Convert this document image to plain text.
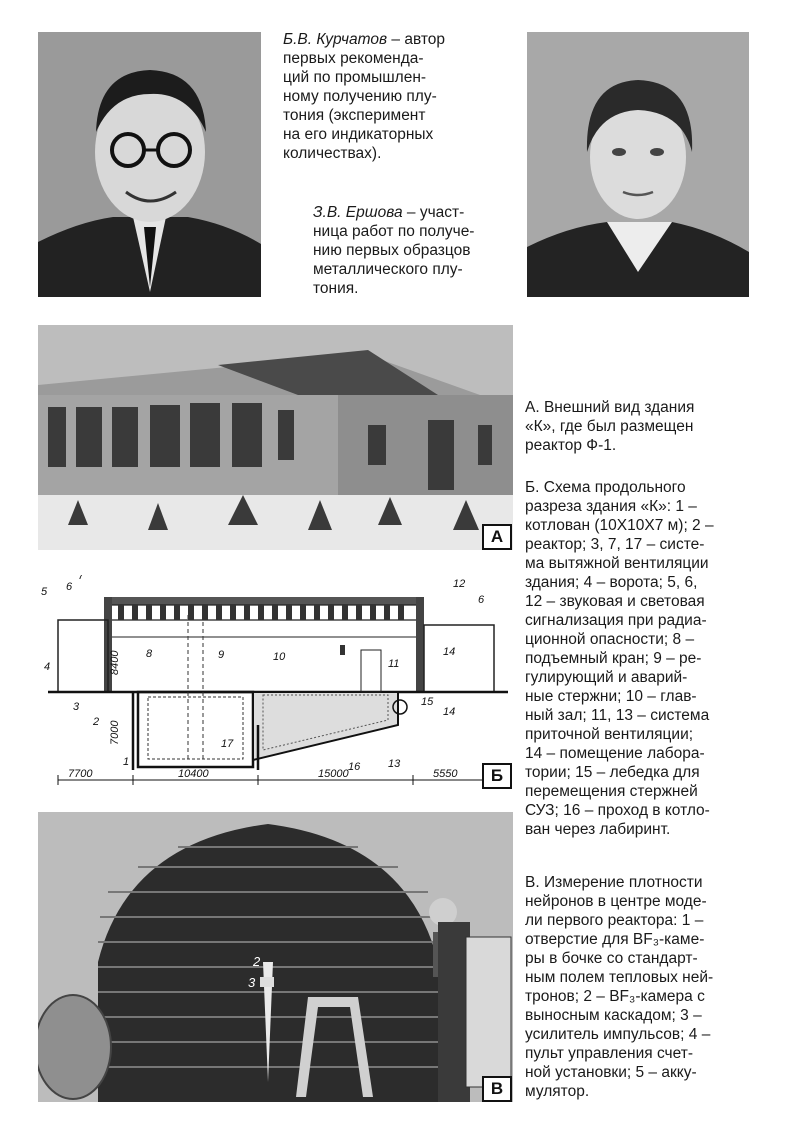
Б.В. Курчатов – автор

первых рекоменда-

ций по промышлен-

ному получению плу-

тония (эксперимент

на его индикаторных

количествах).

З.В. Ершова – участ-

ница работ по получе-

нию первых образцов

металлического плу-

тония.

А

А. Внешний вид здания

«К», где был размещен

реактор Ф-1.

7700	10400	15000	5550
7000
8400
1
2
3
4
5 6
7
8	9	10
11
12
13
14
14
15
16
17
6
Б

Б. Схема продольного

разреза здания «К»: 1 –

котлован (10Х10Х7 м); 2 –

реактор; 3, 7, 17 – систе-

ма вытяжной вентиляции

здания; 4 – ворота; 5, 6,

12 – звуковая и световая

сигнализация при радиа-

ционной опасности; 8 –

подъемный кран; 9 – ре-

гулирующий и аварий-

ные стержни; 10 – глав-

ный зал; 11, 13 – система

приточной вентиляции;

14 – помещение лабора-

тории; 15 – лебедка для

перемещения стержней

СУЗ; 16 – проход в котло-

ван через лабиринт.

2
3
В

В. Измерение плотности

нейронов в центре моде-

ли первого реактора: 1 –

отверстие для BF₃-каме-

ры в бочке со стандарт-

ным полем тепловых ней-

тронов; 2 – BF₃-камера с

выносным каскадом; 3 –

усилитель импульсов; 4 –

пульт управления счет-

ной установки; 5 – акку-

мулятор.
